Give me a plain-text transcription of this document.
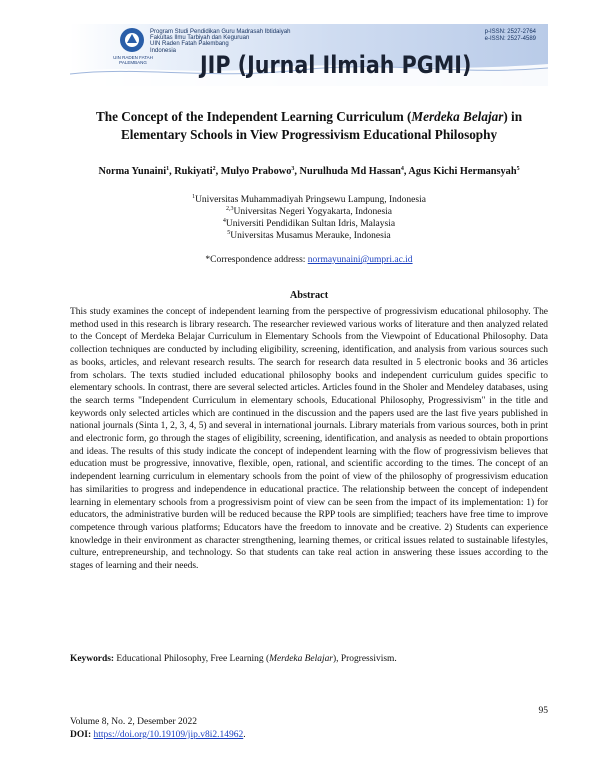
UIN RADEN FATAH PALEMBANG
Program Studi Pendidikan Guru Madrasah Ibtidaiyah
Fakultas Ilmu Tarbiyah dan Keguruan
UIN Raden Fatah Palembang
Indonesia
p-ISSN: 2527-2764
e-ISSN: 2527-4589
JIP (Jurnal Ilmiah PGMI)
The Concept of the Independent Learning Curriculum (Merdeka Belajar) in Elementary Schools in View Progressivism Educational Philosophy
Norma Yunaini$^1$, Rukiyati$^2$, Mulyo Prabowo$^3$, Nurulhuda Md Hassan$^4$, Agus Kichi Hermansyah$^5$
$^1$Universitas Muhammadiyah Pringsewu Lampung, Indonesia
$^{2,3}$Universitas Negeri Yogyakarta, Indonesia
$^4$Universiti Pendidikan Sultan Idris, Malaysia
$^5$Universitas Musamus Merauke, Indonesia
*Correspondence address: normayunaini@umpri.ac.id
Abstract

This study examines the concept of independent learning from the perspective of progressivism educational philosophy. The method used in this research is library research. The researcher reviewed various works of literature and then analyzed related to the Concept of Merdeka Belajar Curriculum in Elementary Schools from the Viewpoint of Educational Philosophy. Data collection techniques are conducted by including eligibility, screening, identification, and analysis from various sources such as books, articles, and relevant research results. The search for research data resulted in 5 electronic books and 36 articles from scholars. The texts studied included educational philosophy books and independent curriculum guides specific to elementary schools. In contrast, there are several selected articles. Articles found in the Sholer and Mendeley databases, using the search terms "Independent Curriculum in elementary schools, Educational Philosophy, Progressivism" in the title and keywords only selected articles which are continued in the discussion and the papers used are the last five years published in national journals (Sinta 1, 2, 3, 4, 5) and several in international journals. Library materials from various sources, both in print and electronic form, go through the stages of eligibility, screening, identification, and analysis as needed to obtain proportions and ideas. The results of this study indicate the concept of independent learning with the flow of progressivism believes that education must be progressive, innovative, flexible, open, rational, and scientific according to the times. The concept of an independent learning curriculum in elementary schools from the point of view of the philosophy of progressivism education has similarities to progress and independence in educational practice. The relationship between the concept of independent learning in elementary schools from a progressivism point of view can be seen from the impact of its implementation: 1) for educators, the administrative burden will be reduced because the RPP tools are simplified; teachers have free time to improve competence through various platforms; Educators have the freedom to innovate and be creative. 2) Students can experience knowledge in their environment as character strengthening, learning themes, or critical issues related to sustainable lifestyles, culture, entrepreneurship, and technology. So that students can take real action in answering these issues according to the stages of learning and their needs.

Keywords: Educational Philosophy, Free Learning (Merdeka Belajar), Progressivism.
95
Volume 8, No. 2, Desember 2022
DOI: https://doi.org/10.19109/jip.v8i2.14962.
